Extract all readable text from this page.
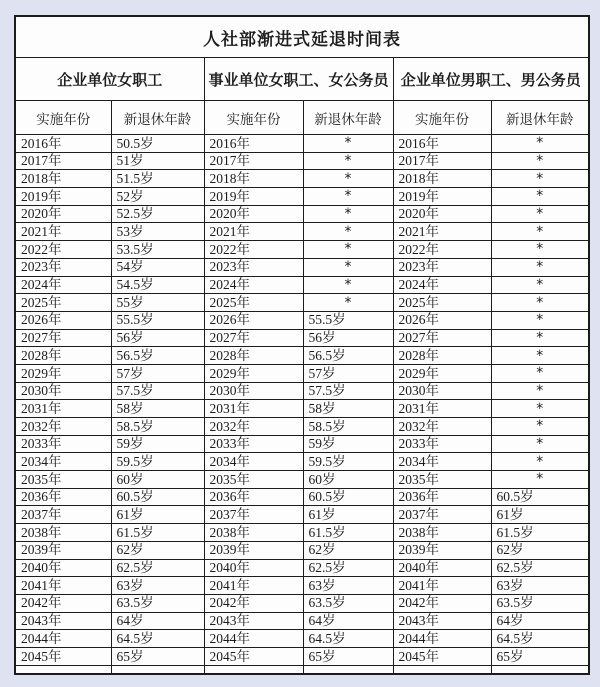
人社部渐进式延退时间表					
企业单位女职工		事业单位女职工、女公务员		企业单位男职工、男公务员	
实施年份	新退休年龄	实施年份	新退休年龄	实施年份	新退休年龄
2016年	50.5岁	2016年	*	2016年	*
2017年	51岁	2017年	*	2017年	*
2018年	51.5岁	2018年	*	2018年	*
2019年	52岁	2019年	*	2019年	*
2020年	52.5岁	2020年	*	2020年	*
2021年	53岁	2021年	*	2021年	*
2022年	53.5岁	2022年	*	2022年	*
2023年	54岁	2023年	*	2023年	*
2024年	54.5岁	2024年	*	2024年	*
2025年	55岁	2025年	*	2025年	*
2026年	55.5岁	2026年	55.5岁	2026年	*
2027年	56岁	2027年	56岁	2027年	*
2028年	56.5岁	2028年	56.5岁	2028年	*
2029年	57岁	2029年	57岁	2029年	*
2030年	57.5岁	2030年	57.5岁	2030年	*
2031年	58岁	2031年	58岁	2031年	*
2032年	58.5岁	2032年	58.5岁	2032年	*
2033年	59岁	2033年	59岁	2033年	*
2034年	59.5岁	2034年	59.5岁	2034年	*
2035年	60岁	2035年	60岁	2035年	*
2036年	60.5岁	2036年	60.5岁	2036年	60.5岁
2037年	61岁	2037年	61岁	2037年	61岁
2038年	61.5岁	2038年	61.5岁	2038年	61.5岁
2039年	62岁	2039年	62岁	2039年	62岁
2040年	62.5岁	2040年	62.5岁	2040年	62.5岁
2041年	63岁	2041年	63岁	2041年	63岁
2042年	63.5岁	2042年	63.5岁	2042年	63.5岁
2043年	64岁	2043年	64岁	2043年	64岁
2044年	64.5岁	2044年	64.5岁	2044年	64.5岁
2045年	65岁	2045年	65岁	2045年	65岁
